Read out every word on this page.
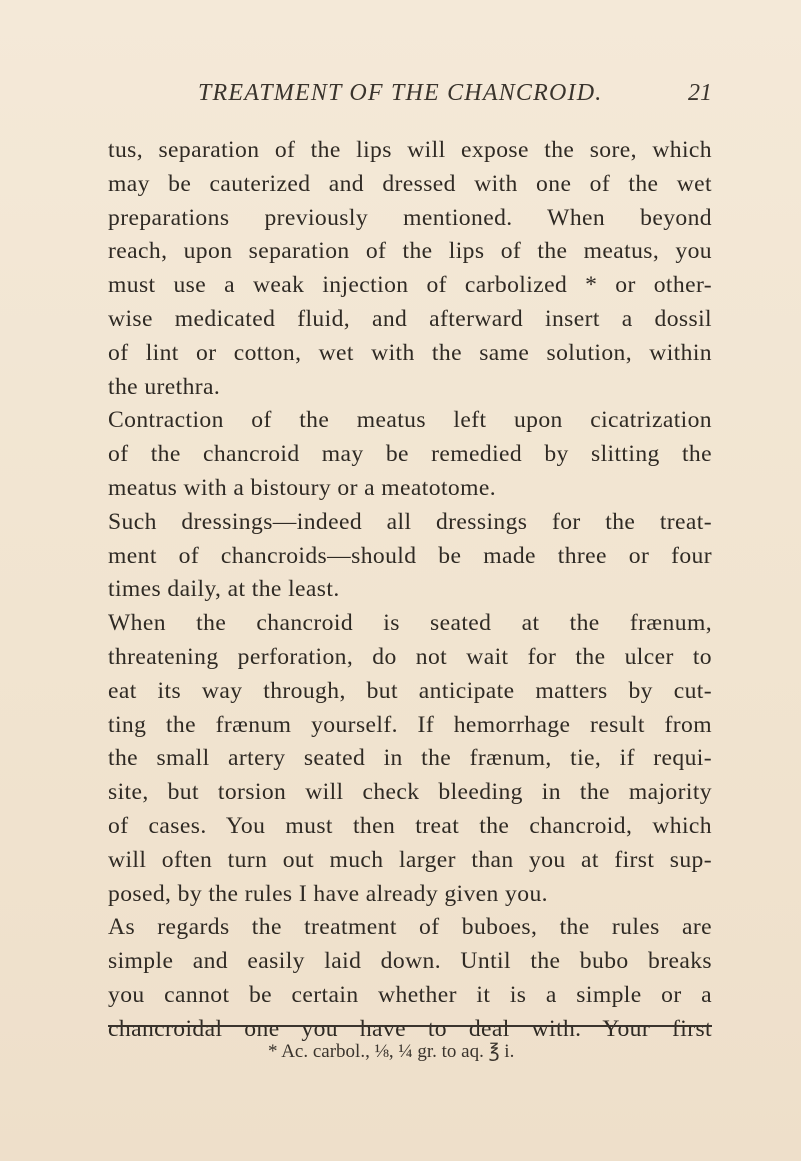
TREATMENT OF THE CHANCROID.	21
tus, separation of the lips will expose the sore, which
may be cauterized and dressed with one of the wet
preparations previously mentioned. When beyond
reach, upon separation of the lips of the meatus, you
must use a weak injection of carbolized * or other-
wise medicated fluid, and afterward insert a dossil
of lint or cotton, wet with the same solution, within
the urethra.
Contraction of the meatus left upon cicatrization
of the chancroid may be remedied by slitting the
meatus with a bistoury or a meatotome.
Such dressings—indeed all dressings for the treat-
ment of chancroids—should be made three or four
times daily, at the least.
When the chancroid is seated at the frænum,
threatening perforation, do not wait for the ulcer to
eat its way through, but anticipate matters by cut-
ting the frænum yourself. If hemorrhage result from
the small artery seated in the frænum, tie, if requi-
site, but torsion will check bleeding in the majority
of cases. You must then treat the chancroid, which
will often turn out much larger than you at first sup-
posed, by the rules I have already given you.
As regards the treatment of buboes, the rules are
simple and easily laid down. Until the bubo breaks
you cannot be certain whether it is a simple or a
chancroidal one you have to deal with. Your first
* Ac. carbol., ⅛, ¼ gr. to aq. ℥ i.
